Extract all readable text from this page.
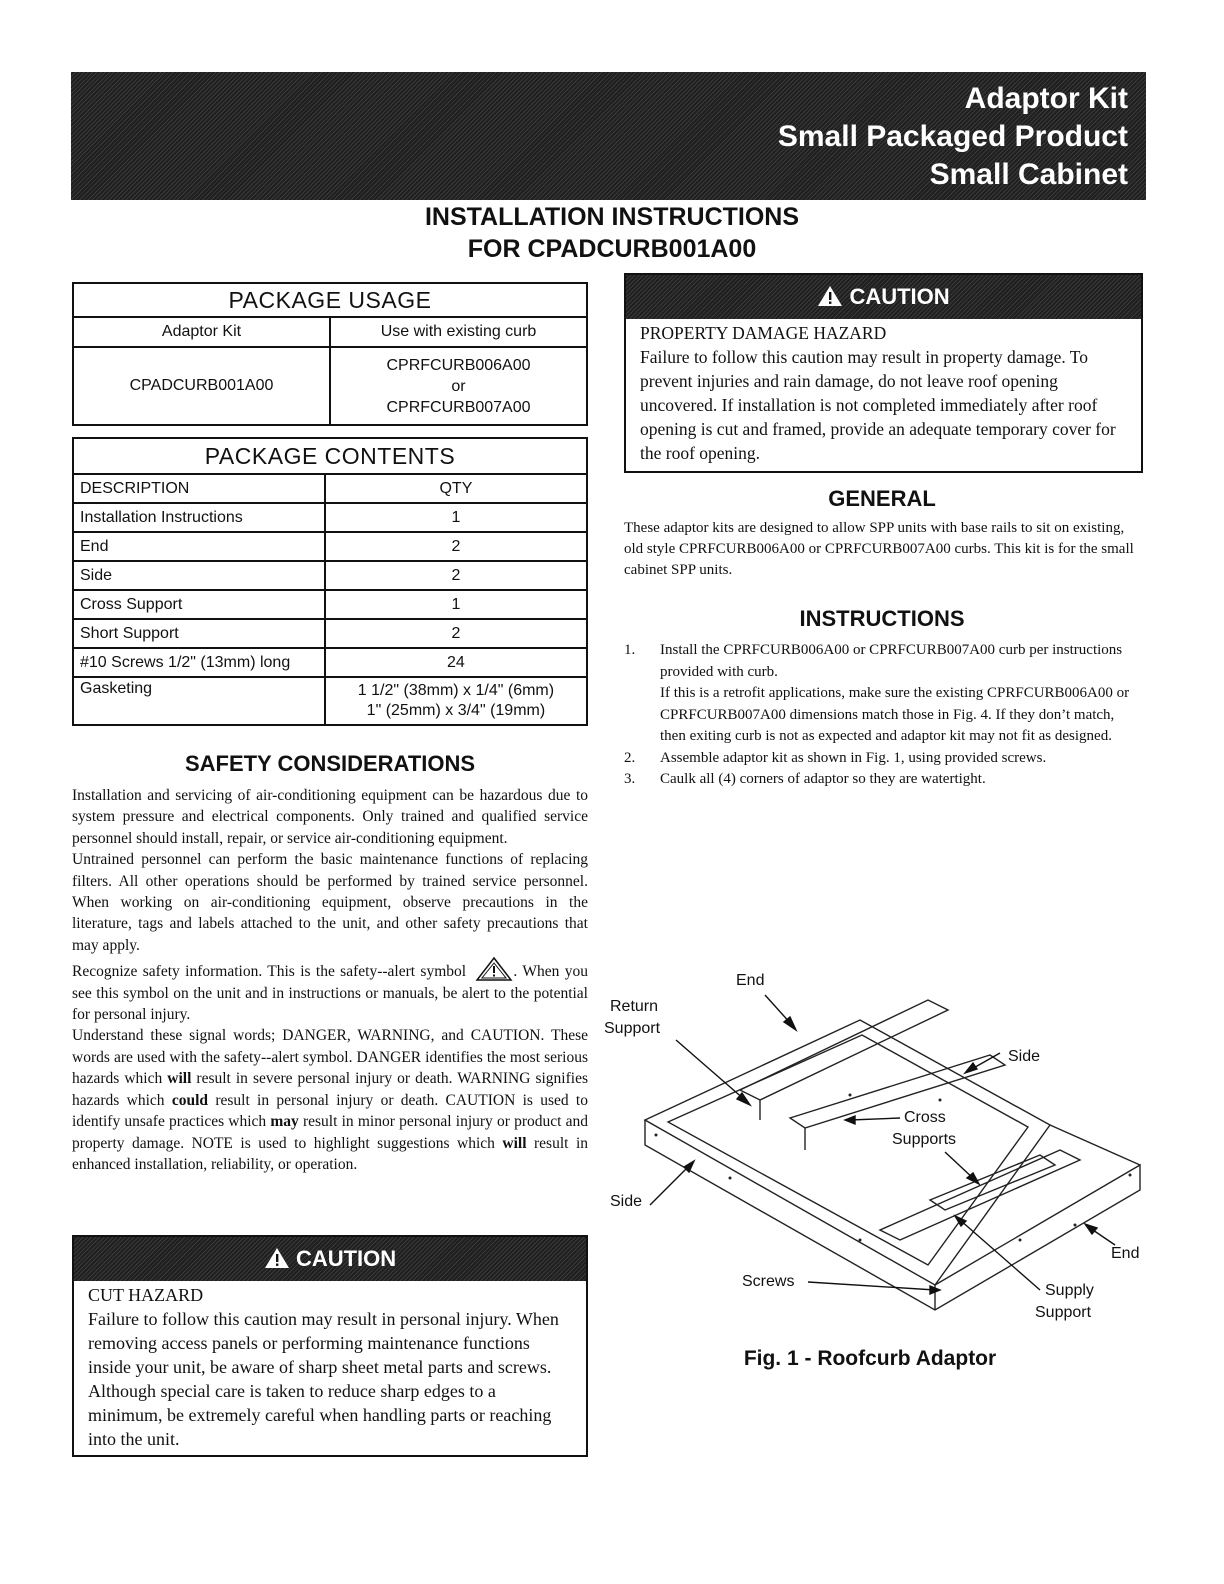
Adaptor Kit
Small Packaged Product
Small Cabinet
INSTALLATION INSTRUCTIONS
FOR CPADCURB001A00
PACKAGE USAGE	
Adaptor Kit	Use with existing curb
CPADCURB001A00	CPRFCURB006A00
or
CPRFCURB007A00
PACKAGE CONTENTS	
DESCRIPTION	QTY
Installation Instructions	1
End	2
Side	2
Cross Support	1
Short Support	2
#10 Screws 1/2" (13mm) long	24
Gasketing	1 1/2" (38mm) x 1/4" (6mm)
1" (25mm) x 3/4" (19mm)
SAFETY CONSIDERATIONS

Installation and servicing of air-conditioning equipment can be hazardous due to system pressure and electrical components. Only trained and qualified service personnel should install, repair, or service air-conditioning equipment.

Untrained personnel can perform the basic maintenance functions of replacing filters. All other operations should be performed by trained service personnel. When working on air-conditioning equipment, observe precautions in the literature, tags and labels attached to the unit, and other safety precautions that may apply.

Recognize safety information. This is the safety--alert symbol	. When you see this symbol on the unit and in instructions or manuals, be alert to the potential for personal injury.

Understand these signal words; DANGER, WARNING, and CAUTION. These words are used with the safety--alert symbol. DANGER identifies the most serious hazards which will result in severe personal injury or death. WARNING signifies hazards which could result in personal injury or death. CAUTION is used to identify unsafe practices which may result in minor personal injury or product and property damage. NOTE is used to highlight suggestions which will result in enhanced installation, reliability, or operation.

CAUTION
CUT HAZARD
Failure to follow this caution may result in personal injury. When removing access panels or performing maintenance functions inside your unit, be aware of sharp sheet metal parts and screws. Although special care is taken to reduce sharp edges to a minimum, be extremely careful when handling parts or reaching into the unit.
CAUTION
PROPERTY DAMAGE HAZARD
Failure to follow this caution may result in property damage. To prevent injuries and rain damage, do not leave roof opening uncovered. If installation is not completed immediately after roof opening is cut and framed, provide an adequate temporary cover for the roof opening.
GENERAL
These adaptor kits are designed to allow SPP units with base rails to sit on existing, old style CPRFCURB006A00 or CPRFCURB007A00 curbs. This kit is for the small cabinet SPP units.
INSTRUCTIONS
1. Install the CPRFCURB006A00 or CPRFCURB007A00 curb per instructions provided with curb.
If this is a retrofit applications, make sure the existing CPRFCURB006A00 or CPRFCURB007A00 dimensions match those in Fig. 4. If they don’t match, then exiting curb is not as expected and adaptor kit may not fit as designed.
2. Assemble adaptor kit as shown in Fig. 1, using provided screws.
3. Caulk all (4) corners of adaptor so they are watertight.
End
Return
Support
Side
Cross
Supports
Side
End
Screws
Supply
Support
Fig. 1 - Roofcurb Adaptor
